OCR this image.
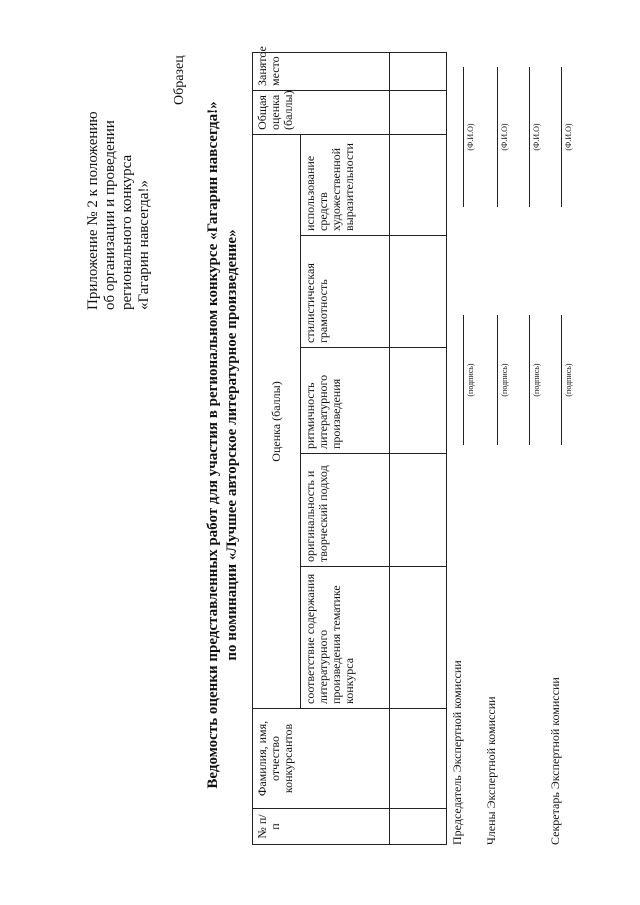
Приложение № 2 к положению об организации и проведении регионального конкурса «Гагарин навсегда!»
Образец
Ведомость оценки представленных работ для участия в региональном конкурсе «Гагарин навсегда!» по номинации «Лучшее авторское литературное произведение»
№ п/п	Фамилия, имя, отчество конкурсантов	Оценка (баллы)					Общая оценка (баллы)	Занятое место
		соответствие содержания литературного произведения тематике конкурса	оригинальность и творческий подход	ритмичность литературного произведения	стилистическая грамотность	использование средств художественной выразительности		

Председатель Экспертной комиссии
(подпись)
(Ф.И.О)
Члены Экспертной комиссии
(подпись)
(Ф.И.О)
(подпись)
(Ф.И.О)
Секретарь Экспертной комиссии
(подпись)
(Ф.И.О)
